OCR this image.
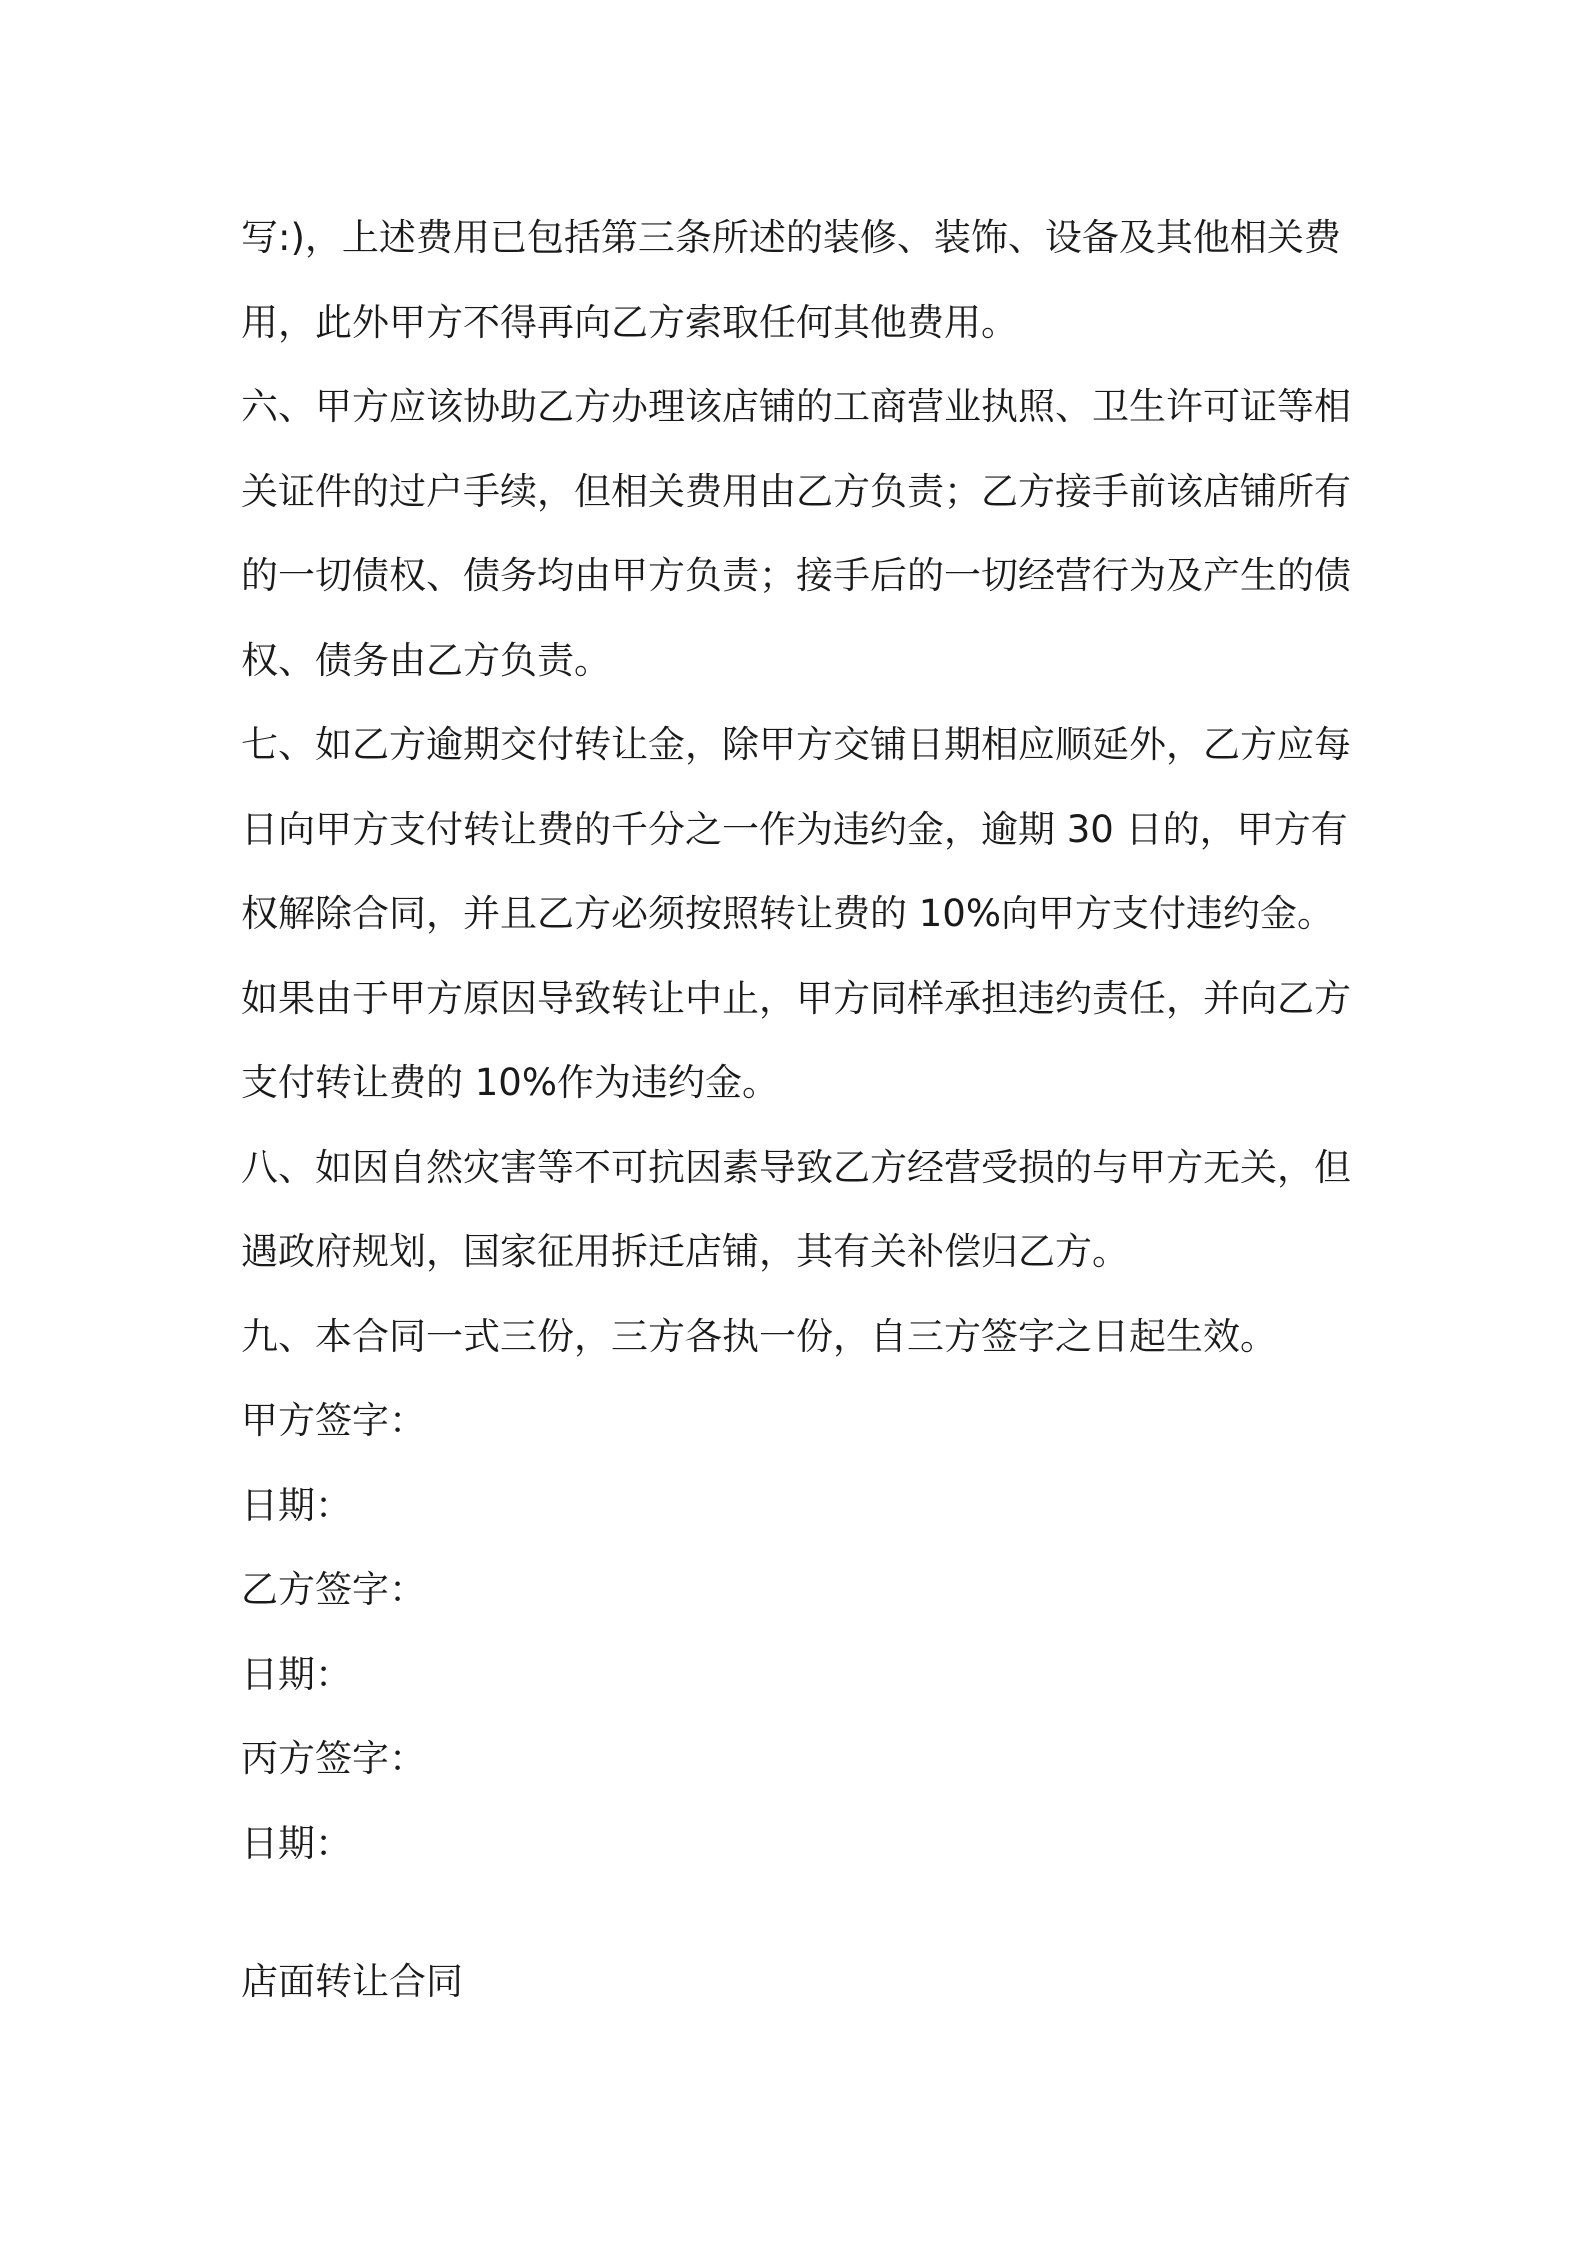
写:)，上述费用已包括第三条所述的装修、装饰、设备及其他相关费用，此外甲方不得再向乙方索取任何其他费用。

六、甲方应该协助乙方办理该店铺的工商营业执照、卫生许可证等相关证件的过户手续，但相关费用由乙方负责；乙方接手前该店铺所有的一切债权、债务均由甲方负责；接手后的一切经营行为及产生的债权、债务由乙方负责。

七、如乙方逾期交付转让金，除甲方交铺日期相应顺延外，乙方应每日向甲方支付转让费的千分之一作为违约金，逾期 30 日的，甲方有权解除合同，并且乙方必须按照转让费的 10%向甲方支付违约金。如果由于甲方原因导致转让中止，甲方同样承担违约责任，并向乙方支付转让费的 10%作为违约金。

八、如因自然灾害等不可抗因素导致乙方经营受损的与甲方无关，但遇政府规划，国家征用拆迁店铺，其有关补偿归乙方。

九、本合同一式三份，三方各执一份，自三方签字之日起生效。

甲方签字：

日期：

乙方签字：

日期：

丙方签字：

日期：

店面转让合同
